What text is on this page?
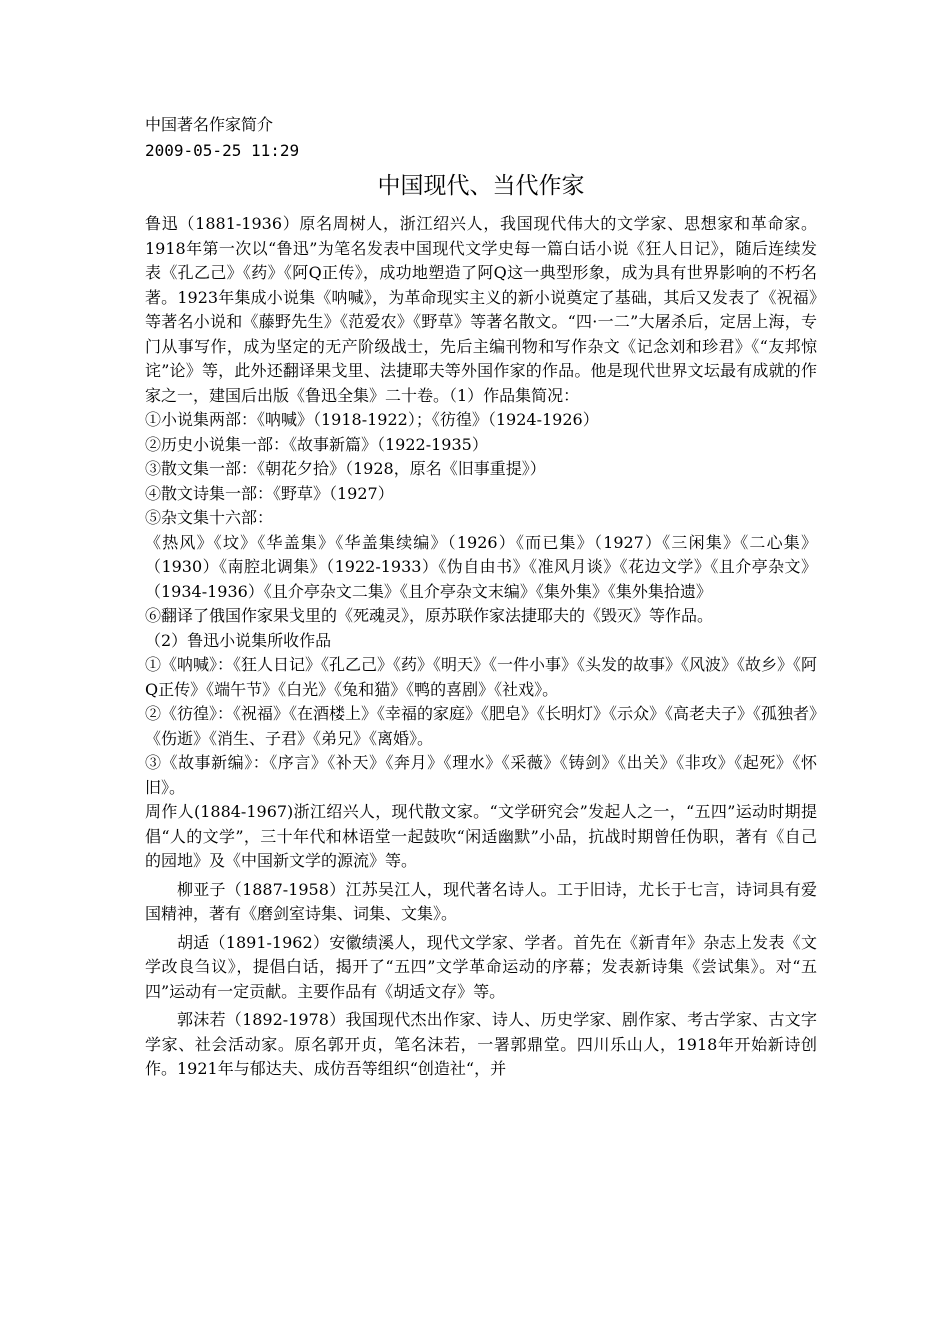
中国著名作家简介
2009-05-25 11:29
中国现代、当代作家

鲁迅（1881-1936）原名周树人，浙江绍兴人，我国现代伟大的文学家、思想家和革命家。1918年第一次以“鲁迅”为笔名发表中国现代文学史每一篇白话小说《狂人日记》，随后连续发表《孔乙己》《药》《阿Q正传》，成功地塑造了阿Q这一典型形象，成为具有世界影响的不朽名著。1923年集成小说集《呐喊》，为革命现实主义的新小说奠定了基础，其后又发表了《祝福》等著名小说和《藤野先生》《范爱农》《野草》等著名散文。“四·一二”大屠杀后，定居上海，专门从事写作，成为坚定的无产阶级战士，先后主编刊物和写作杂文《记念刘和珍君》《“友邦惊诧”论》等，此外还翻译果戈里、法捷耶夫等外国作家的作品。他是现代世界文坛最有成就的作家之一，建国后出版《鲁迅全集》二十卷。（1）作品集简况：

①小说集两部：《呐喊》（1918-1922）；《彷徨》（1924-1926）

②历史小说集一部：《故事新篇》（1922-1935）

③散文集一部：《朝花夕拾》（1928，原名《旧事重提》）

④散文诗集一部：《野草》（1927）

⑤杂文集十六部：

《热风》《坟》《华盖集》《华盖集续编》（1926）《而已集》（1927）《三闲集》《二心集》（1930）《南腔北调集》（1922-1933）《伪自由书》《准风月谈》《花边文学》《且介亭杂文》（1934-1936）《且介亭杂文二集》《且介亭杂文末编》《集外集》《集外集拾遗》

⑥翻译了俄国作家果戈里的《死魂灵》，原苏联作家法捷耶夫的《毁灭》等作品。

（2）鲁迅小说集所收作品

①《呐喊》：《狂人日记》《孔乙己》《药》《明天》《一件小事》《头发的故事》《风波》《故乡》《阿Q正传》《端午节》《白光》《兔和猫》《鸭的喜剧》《社戏》。

②《彷徨》：《祝福》《在酒楼上》《幸福的家庭》《肥皂》《长明灯》《示众》《高老夫子》《孤独者》《伤逝》《消生、子君》《弟兄》《离婚》。

③《故事新编》：《序言》《补天》《奔月》《理水》《采薇》《铸剑》《出关》《非攻》《起死》《怀旧》。

周作人(1884-1967)浙江绍兴人，现代散文家。“文学研究会”发起人之一，“五四”运动时期提倡“人的文学”，三十年代和林语堂一起鼓吹“闲适幽默”小品，抗战时期曾任伪职，著有《自己的园地》及《中国新文学的源流》等。

柳亚子（1887-1958）江苏吴江人，现代著名诗人。工于旧诗，尤长于七言，诗词具有爱国精神，著有《磨剑室诗集、词集、文集》。

胡适（1891-1962）安徽绩溪人，现代文学家、学者。首先在《新青年》杂志上发表《文学改良刍议》，提倡白话，揭开了“五四”文学革命运动的序幕；发表新诗集《尝试集》。对“五四”运动有一定贡献。主要作品有《胡适文存》等。

郭沫若（1892-1978）我国现代杰出作家、诗人、历史学家、剧作家、考古学家、古文字学家、社会活动家。原名郭开贞，笔名沫若，一署郭鼎堂。四川乐山人，1918年开始新诗创作。1921年与郁达夫、成仿吾等组织“创造社“，并
